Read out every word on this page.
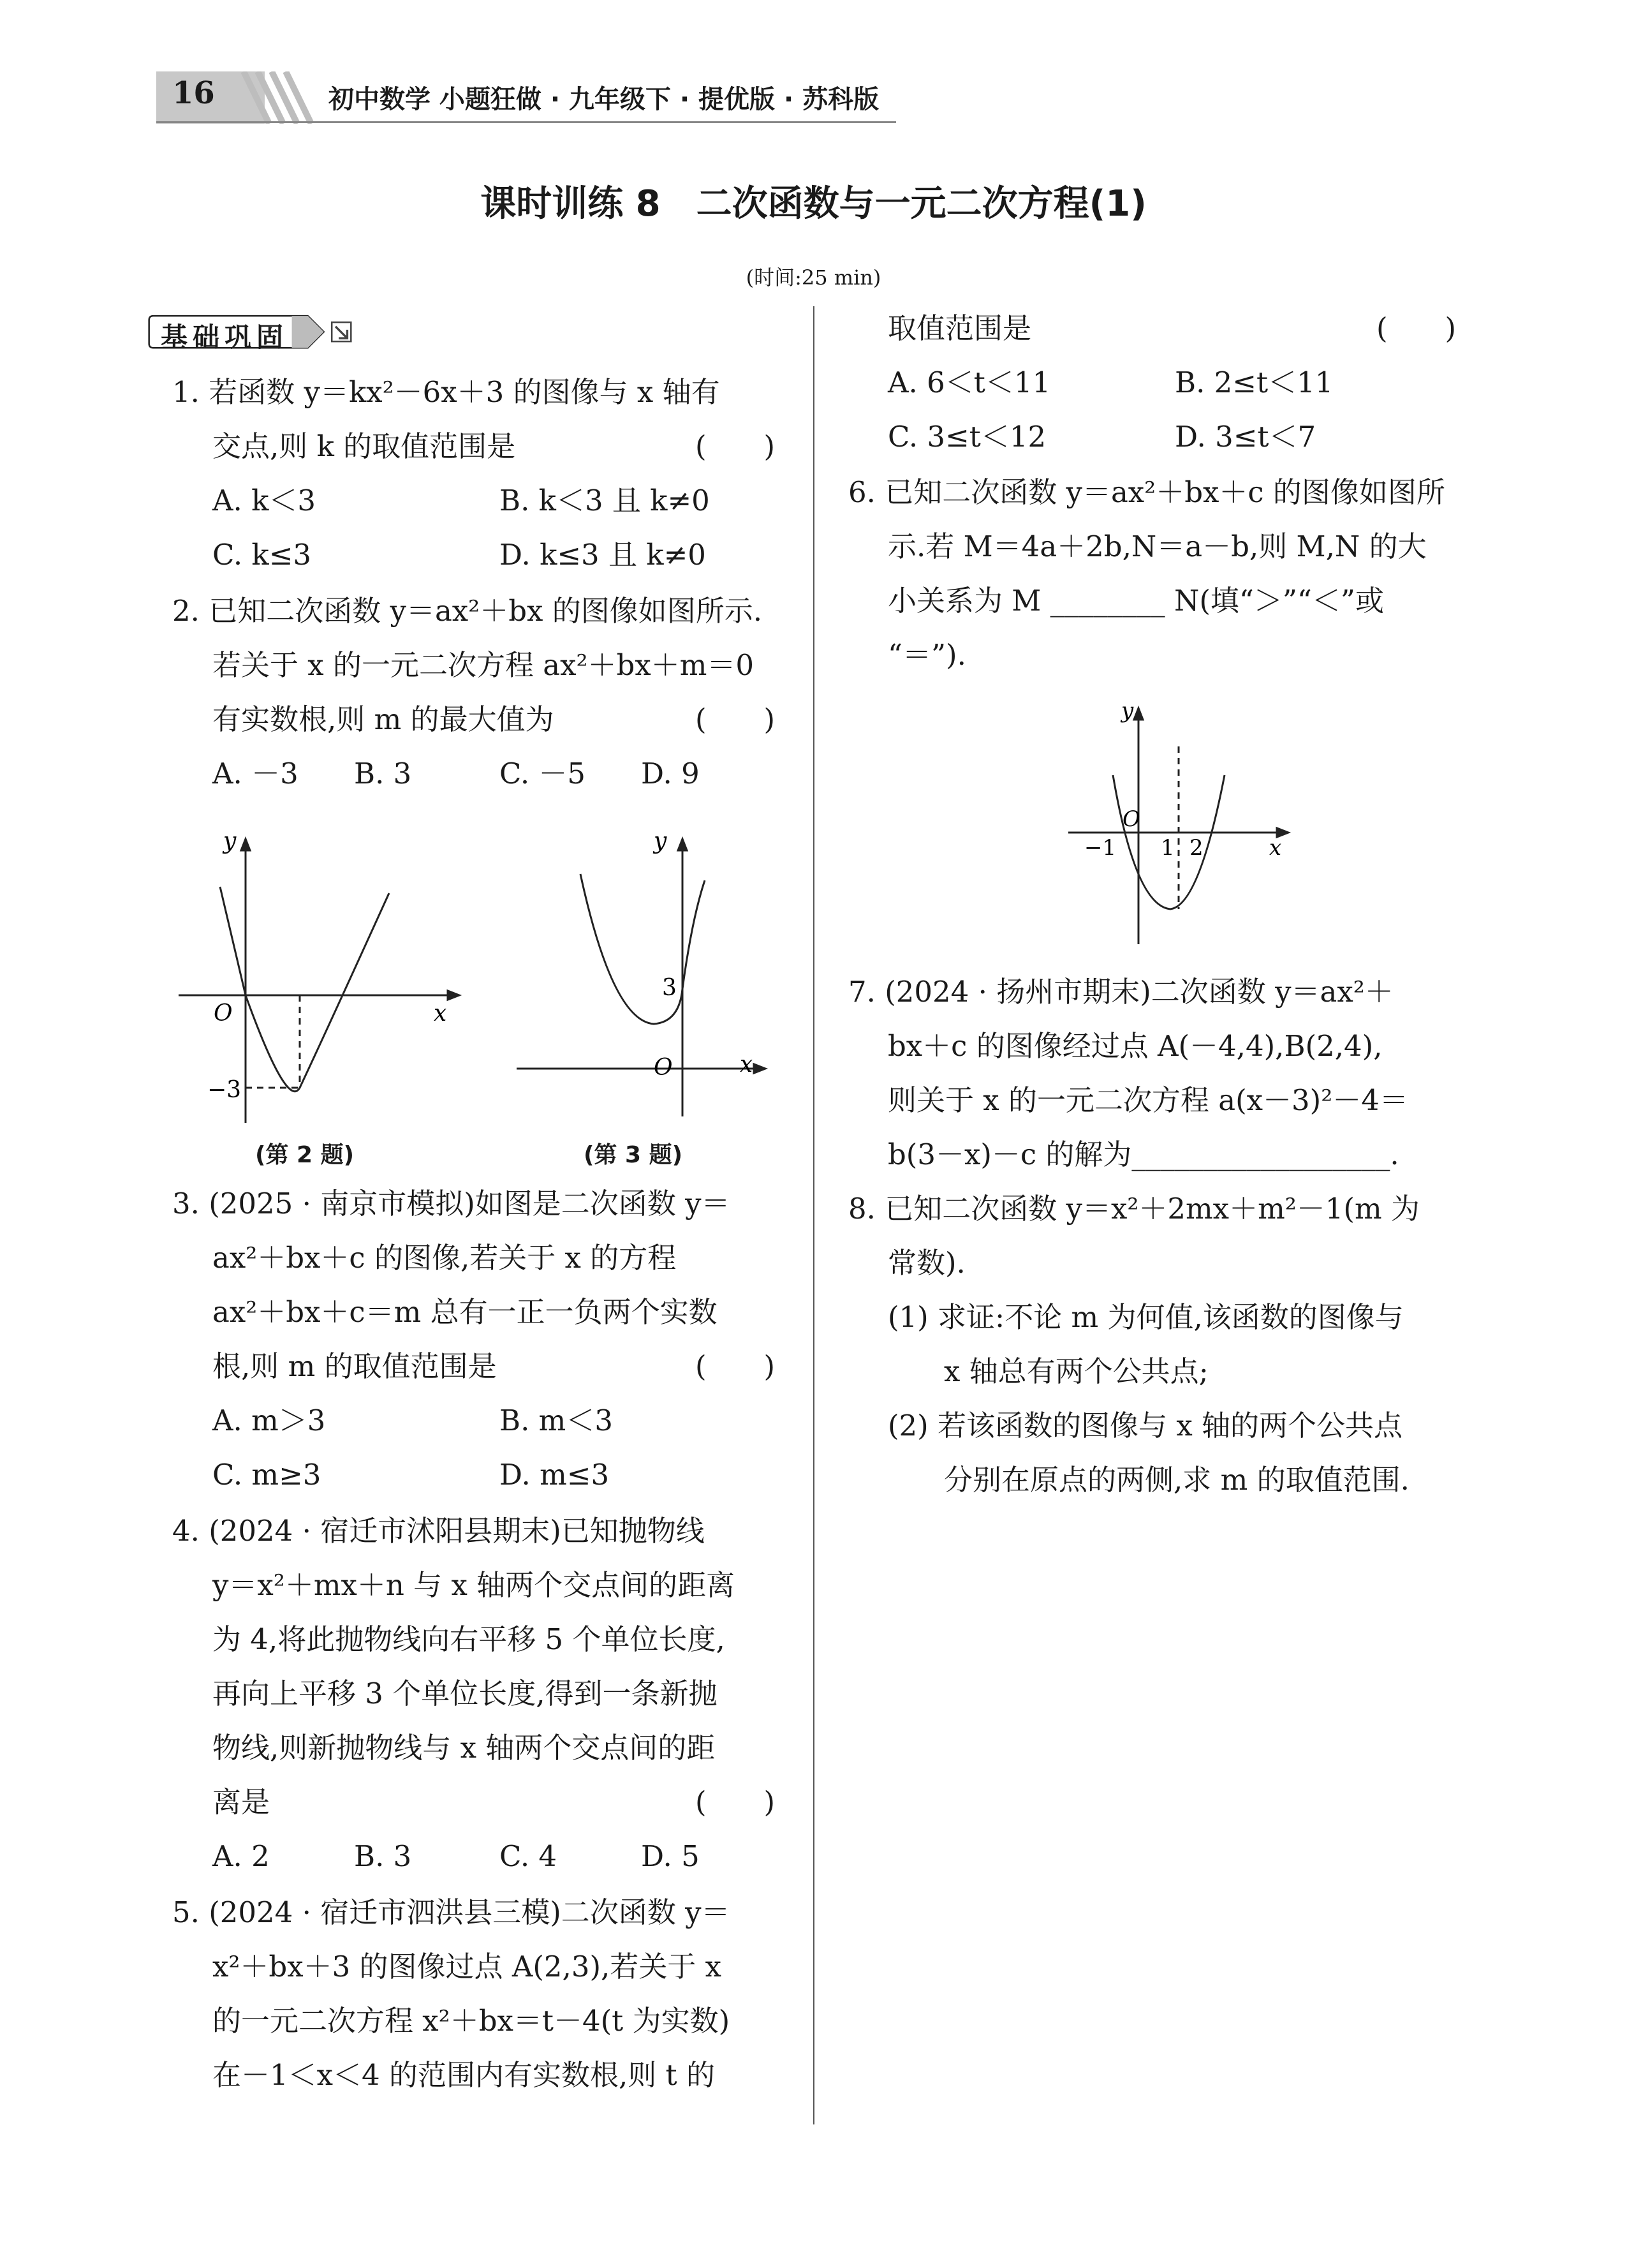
16	初中数学 小题狂做 · 九年级下 · 提优版 · 苏科版
课时训练 8　二次函数与一元二次方程(1)
(时间:25 min)
基础巩固
1. 若函数 y＝kx²－6x＋3 的图像与 x 轴有
交点,则 k 的取值范围是	(　　)
A. k＜3	B. k＜3 且 k≠0
C. k≤3	D. k≤3 且 k≠0
2. 已知二次函数 y＝ax²＋bx 的图像如图所示.
若关于 x 的一元二次方程 ax²＋bx＋m＝0
有实数根,则 m 的最大值为	(　　)
A. －3 B. 3	C. －5 D. 9
y
x
O
−3
(第 2 题)
y
x
O
3
(第 3 题)
3. (2025 · 南京市模拟)如图是二次函数 y＝
ax²＋bx＋c 的图像,若关于 x 的方程
ax²＋bx＋c＝m 总有一正一负两个实数
根,则 m 的取值范围是	(　　)
A. m＞3	B. m＜3
C. m≥3	D. m≤3
4. (2024 · 宿迁市沭阳县期末)已知抛物线
y＝x²＋mx＋n 与 x 轴两个交点间的距离
为 4,将此抛物线向右平移 5 个单位长度,
再向上平移 3 个单位长度,得到一条新抛
物线,则新抛物线与 x 轴两个交点间的距
离是	(　　)
A. 2	B. 3	C. 4	D. 5
5. (2024 · 宿迁市泗洪县三模)二次函数 y＝
x²＋bx＋3 的图像过点 A(2,3),若关于 x
的一元二次方程 x²＋bx＝t－4(t 为实数)
在－1＜x＜4 的范围内有实数根,则 t 的
取值范围是	(　　)
A. 6＜t＜11	B. 2≤t＜11
C. 3≤t＜12	D. 3≤t＜7
6. 已知二次函数 y＝ax²＋bx＋c 的图像如图所
示.若 M＝4a＋2b,N＝a－b,则 M,N 的大
小关系为 M ________ N(填“＞”“＜”或
“＝”).
y
x
O
−1 1 2
7. (2024 · 扬州市期末)二次函数 y＝ax²＋
bx＋c 的图像经过点 A(－4,4),B(2,4),
则关于 x 的一元二次方程 a(x－3)²－4＝
b(3－x)－c 的解为__________________.
8. 已知二次函数 y＝x²＋2mx＋m²－1(m 为
常数).
(1) 求证:不论 m 为何值,该函数的图像与
x 轴总有两个公共点;
(2) 若该函数的图像与 x 轴的两个公共点
分别在原点的两侧,求 m 的取值范围.
